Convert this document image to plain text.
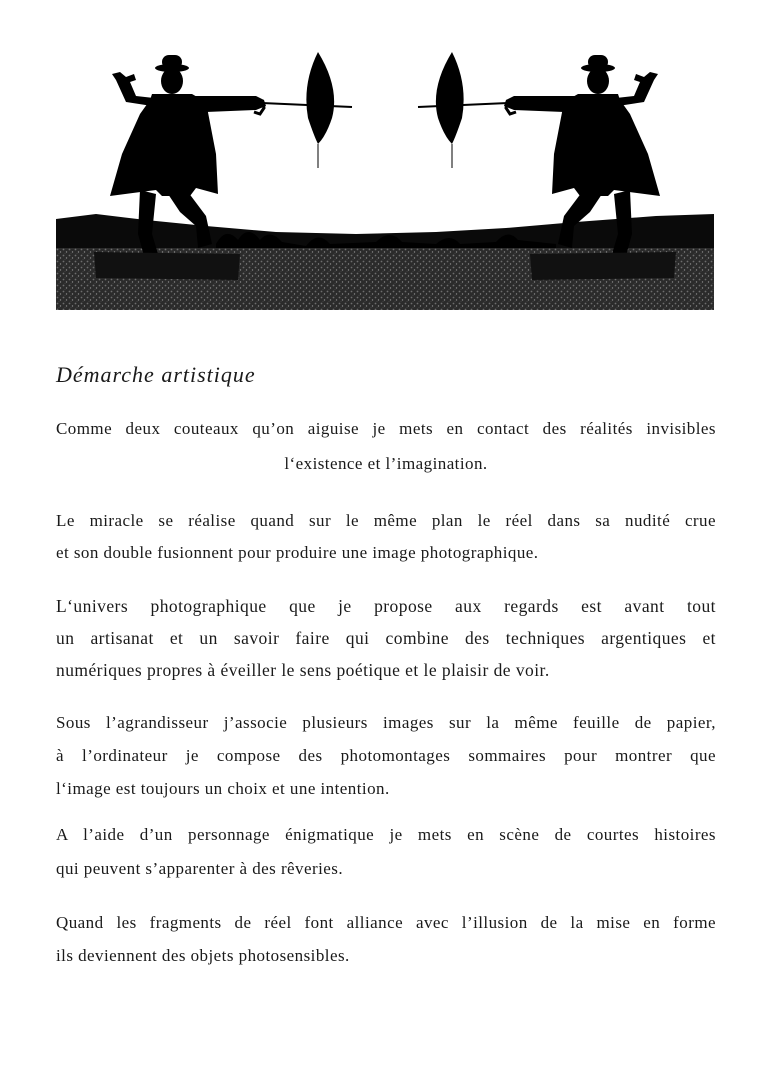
Démarche artistique
Comme deux couteaux qu’on aiguise je mets en contact des réalités invisibles
l‘existence et l’imagination.
Le miracle se réalise quand sur le même plan le réel dans sa nudité crue
et son double fusionnent pour produire une image photographique.
L‘univers photographique que je propose aux regards est avant tout
un artisanat et un savoir faire qui combine des techniques argentiques et
numériques propres à éveiller le sens poétique et le plaisir de voir.
Sous l’agrandisseur j’associe plusieurs images sur la même feuille de papier,
à l’ordinateur je compose des photomontages sommaires pour montrer que
l‘image est toujours un choix et une intention.
A l’aide d’un personnage énigmatique je mets en scène de courtes histoires
qui peuvent s’apparenter à des rêveries.
Quand les fragments de réel font alliance avec l’illusion de la mise en forme
ils deviennent des objets photosensibles.
